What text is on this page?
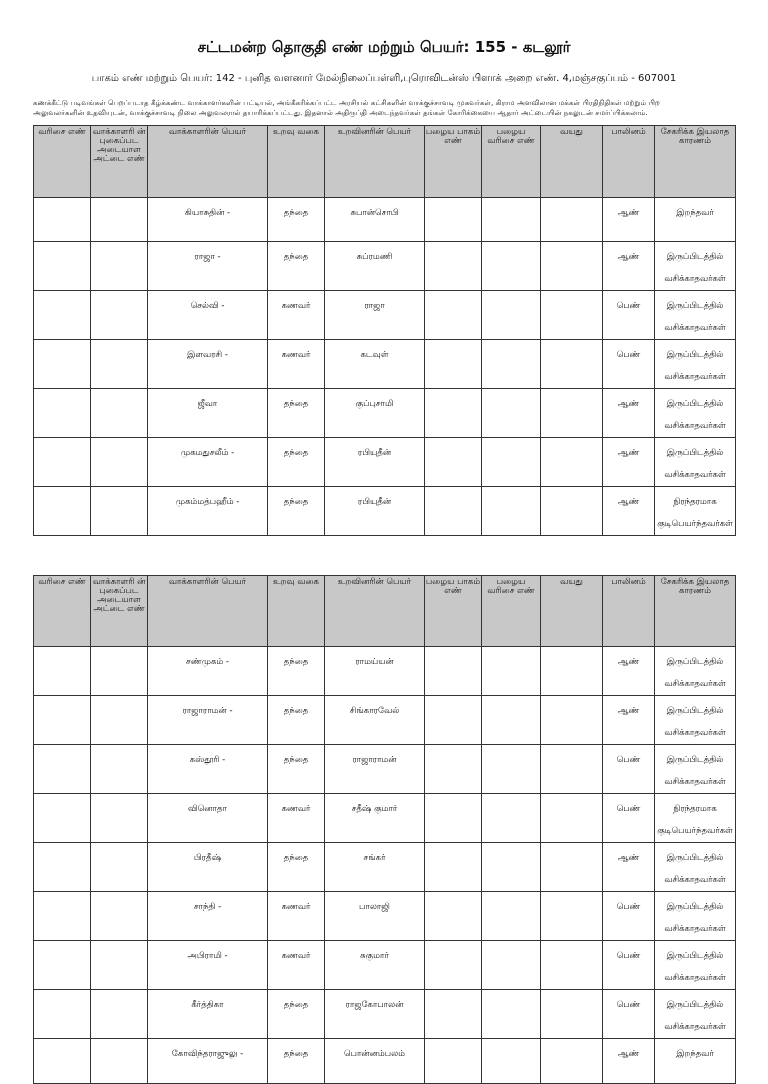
சட்டமன்ற தொகுதி எண் மற்றும் பெயர்: 155 - கடலூர்
பாகம் எண் மற்றும் பெயர்: 142 - புனித வளனார் மேல்நிலைப்பள்ளி,புரொவிடன்ஸ் பிளாக் அறை எண். 4,மஞ்சகுப்பம் - 607001
கணக்கீட்டு படிவங்கள் பெறப்படாத கீழ்க்கண்ட வாக்காளர்களின் பட்டியல், அங்கீகரிக்கப்பட்ட அரசியல் கட்சிகளின் வாக்குச்சாவடி முகவர்கள், கிராம அளவிலான மக்கள் பிரதிநிதிகள் மற்றும் பிற
அலுவலர்களின் உதவியுடன், வாக்குச்சாவடி நிலை அலுவலரால் தயாரிக்கப்பட்டது. இதனால் அதிருப்தி அடைந்தவர்கள் தங்கள் கோரிக்கையை ஆதார் அட்டையின் நகலுடன் சமர்ப்பிக்கலாம்.
வரிசை எண்	வாக்காளரி ன் புகைப்பட அடையாள அட்டை எண்	வாக்காளரின் பெயர்	உறவு வகை	உறவினரின் பெயர்	பழைய பாகம் எண்	பழைய வரிசை எண்	வயது	பாலினம்	சேகரிக்க இயலாத காரணம்
		கியாசுதின் -	தந்தை	சுபான்சொபி				ஆண்	இறந்தவர்

		ராஜா -	தந்தை	சுப்ரமணி				ஆண்	இருப்பிடத்தில்
வசிக்காதவர்கள்

		செல்வி -	கணவர்	ராஜா				பெண்	இருப்பிடத்தில்
வசிக்காதவர்கள்

		இளவரசி -	கணவர்	கடவுள்				பெண்	இருப்பிடத்தில்
வசிக்காதவர்கள்

		ஜீவா	தந்தை	குப்புசாமி				ஆண்	இருப்பிடத்தில்
வசிக்காதவர்கள்

		முகமதுசலீம் -	தந்தை	ரபியுதீன்				ஆண்	இருப்பிடத்தில்
வசிக்காதவர்கள்

		முகம்மத்பஹீம் -	தந்தை	ரபியுதீன்				ஆண்	நிரந்தரமாக
குடிபெயர்ந்தவர்கள்
வரிசை எண்	வாக்காளரி ன் புகைப்பட அடையாள அட்டை எண்	வாக்காளரின் பெயர்	உறவு வகை	உறவினரின் பெயர்	பழைய பாகம் எண்	பழைய வரிசை எண்	வயது	பாலினம்	சேகரிக்க இயலாத காரணம்
		சண்முகம் -	தந்தை	ராமய்யன்				ஆண்	இருப்பிடத்தில்
வசிக்காதவர்கள்

		ராஜாராமன் -	தந்தை	சிங்காரவேல்				ஆண்	இருப்பிடத்தில்
வசிக்காதவர்கள்

		கஸ்தூரி -	தந்தை	ராஜாராமன்				பெண்	இருப்பிடத்தில்
வசிக்காதவர்கள்

		வினொதா	கணவர்	சதீஷ் குமார்				பெண்	நிரந்தரமாக
குடிபெயர்ந்தவர்கள்

		பிரதீஷ்	தந்தை	சங்கர்				ஆண்	இருப்பிடத்தில்
வசிக்காதவர்கள்

		சாந்தி -	கணவர்	பாலாஜி				பெண்	இருப்பிடத்தில்
வசிக்காதவர்கள்

		அபிராமி -	கணவர்	சுகுமார்				பெண்	இருப்பிடத்தில்
வசிக்காதவர்கள்

		கீர்த்திகா	தந்தை	ராஜகோபாலன்				பெண்	இருப்பிடத்தில்
வசிக்காதவர்கள்

		கோவிந்தராஜுலு -	தந்தை	பொன்னம்பலம்				ஆண்	இறந்தவர்
